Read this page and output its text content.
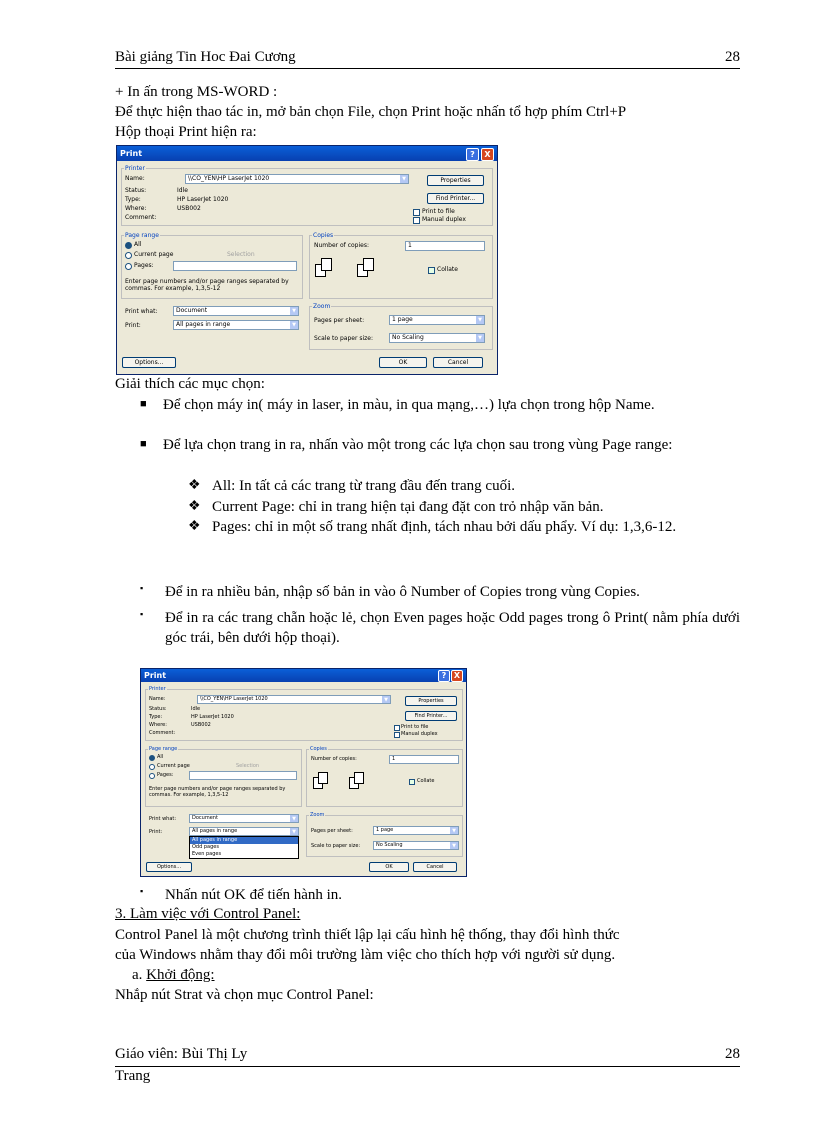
Bài giảng Tin Hoc Đai Cương	28
+ In ấn trong MS-WORD :
Để thực hiện thao tác in, mở bản chọn File, chọn Print hoặc nhấn tổ hợp phím Ctrl+P
Hộp thoại Print hiện ra:
Print	?	X
Printer
Name:	\\CO_YEN\HP LaserJet 1020	▼
Status:	Idle
Type:	HP LaserJet 1020
Where:	USB002
Comment:
Properties
Find Printer...
Print to file
Manual duplex
Page range
All
Current page	Selection
Pages:
Enter page numbers and/or page ranges separated by commas. For example, 1,3,5-12
Copies
Number of copies:	1
Collate
Print what:	Document	▼
Print:	All pages in range	▼
Zoom
Pages per sheet:	1 page	▼
Scale to paper size:	No Scaling	▼
Options...	OK	Cancel
Giải thích các mục chọn:
■ Để chọn máy in( máy in laser, in màu, in qua mạng,…) lựa chọn trong hộp Name.
■ Để lựa chọn trang in ra, nhấn vào một trong các lựa chọn sau trong vùng Page range:
❖ All: In tất cả các trang từ trang đầu đến trang cuối.
❖ Current Page: chỉ in trang hiện tại đang đặt con trỏ nhập văn bản.
❖ Pages: chỉ in một số trang nhất định, tách nhau bởi dấu phẩy. Ví dụ: 1,3,6-12.
▪ Để in ra nhiều bản, nhập số bản in vào ô Number of Copies trong vùng Copies.
▪ Để in ra các trang chẵn hoặc lẻ, chọn Even pages hoặc Odd pages trong ô Print( nằm phía dưới góc trái, bên dưới hộp thoại).
Print	? X
Printer
Name:	\\CO_YEN\HP LaserJet 1020	▼
Status:	Idle
Type:	HP LaserJet 1020
Where:	USB002
Comment:
Properties
Find Printer...
Print to file
Manual duplex
Page range
All
Current page	Selection
Pages:
Enter page numbers and/or page ranges separated by commas. For example, 1,3,5-12
Copies
Number of copies:	1
Collate
Print what:	Document	▼
Print:	All pages in range	▼
All pages in range
Odd pages
Even pages
Zoom
Pages per sheet:	1 page	▼
Scale to paper size:	No Scaling	▼
Options...	OK	Cancel
▪ Nhấn nút OK để tiến hành in.
3. Làm việc với Control Panel:
Control Panel là một chương trình thiết lập lại cấu hình hệ thống, thay đổi hình thức
của Windows nhằm thay đổi môi trường làm việc cho thích hợp với người sử dụng.
a. Khởi động:
Nhắp nút Strat và chọn mục Control Panel:
Giáo viên: Bùi Thị Ly	28
Trang
